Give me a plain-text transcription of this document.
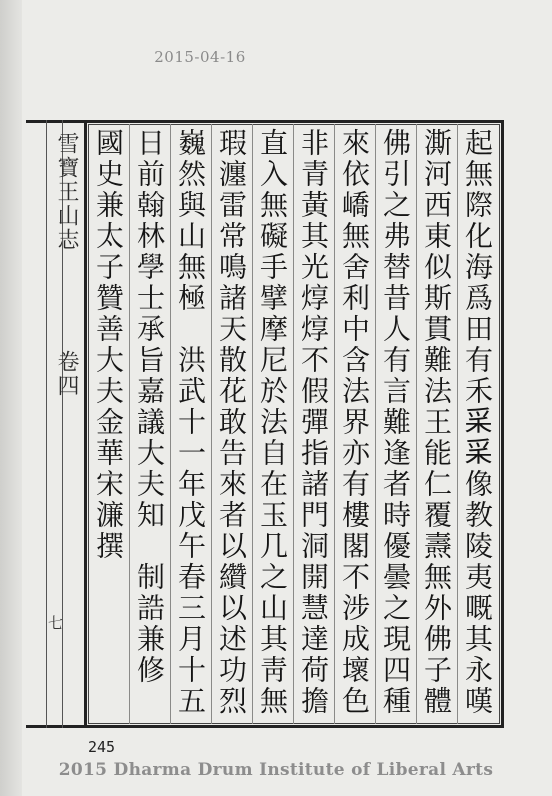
2015-04-16
雪寶王山志
卷四
七	起無際化海爲田有禾𥝩𥝩像教陵夷嘅其永嘆
澌河西東似斯貫難法王能仁覆燾無外佛子體
佛引之弗替昔人有言難逢者時優曇之現四種
來依嶠無舍利中含法界亦有樓閣不涉成壞色
非青黃其光焞焞不假彈指諸門洞開慧達荷擔
直入無礙手擘摩尼於法自在玉几之山其靑無
瑕瀍雷常鳴諸天散花敢告來者以纘以述功烈
巍然與山無極　洪武十一年戊午春三月十五
日前翰林學士承旨嘉議大夫知　制誥兼修
國史兼太子贊善大夫金華宋濂撰
245
2015 Dharma Drum Institute of Liberal Arts
